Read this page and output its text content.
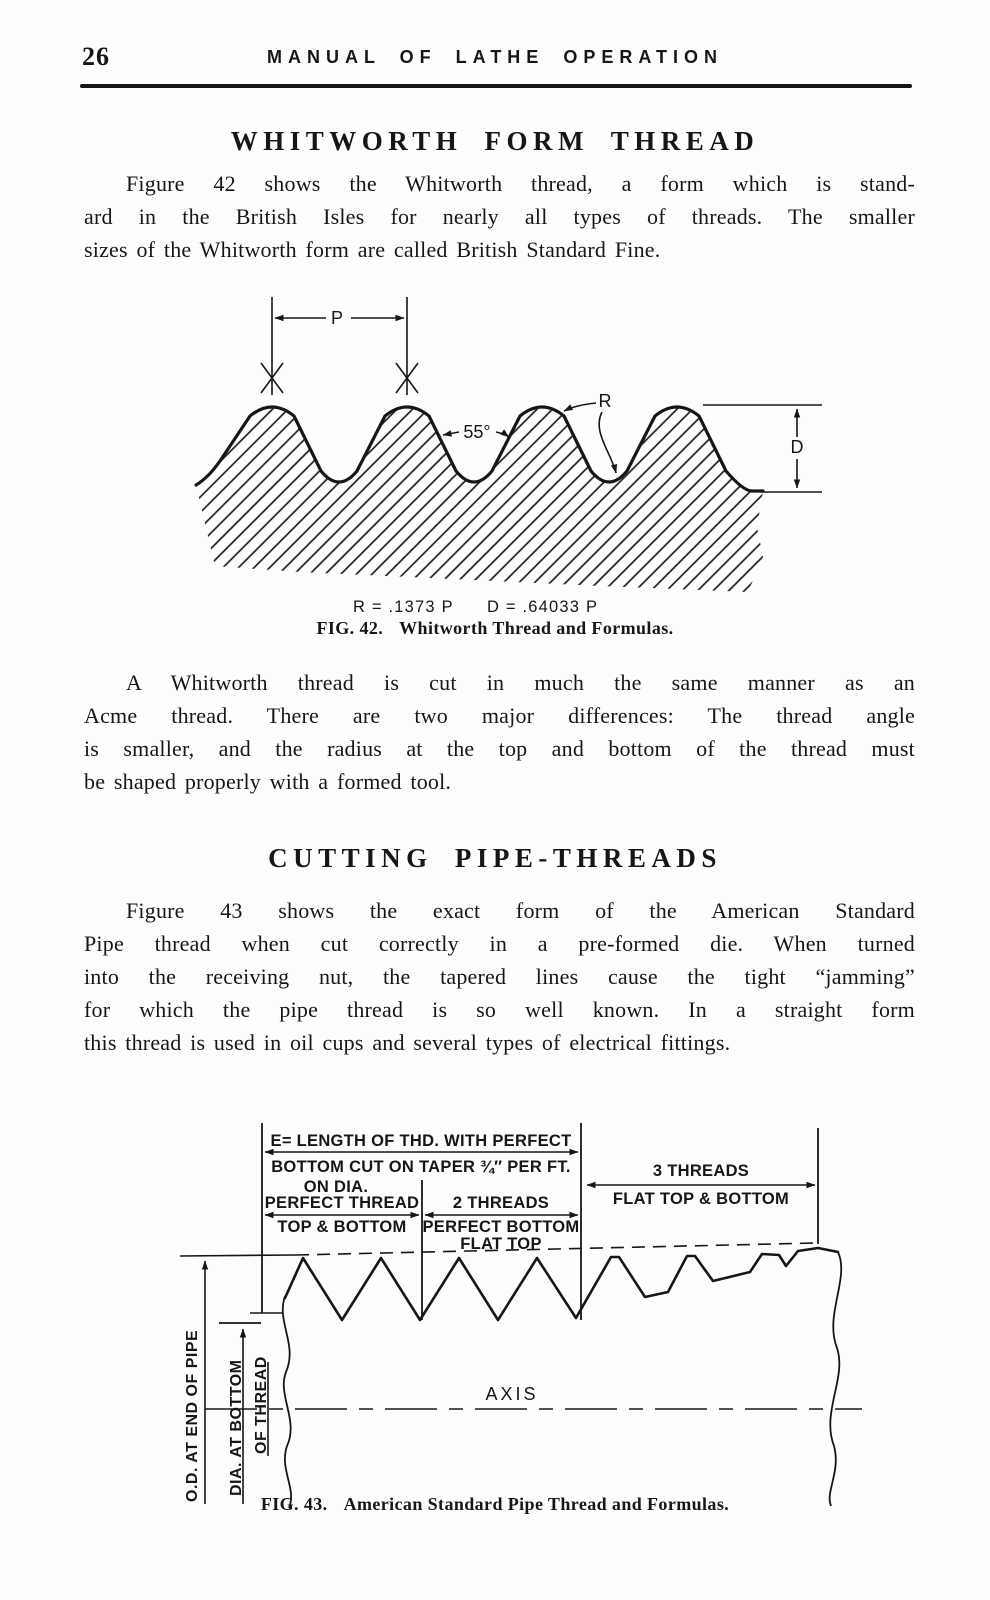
26	MANUAL OF LATHE OPERATION
WHITWORTH FORM THREAD
Figure 42 shows the Whitworth thread, a form which is stand-
ard in the British Isles for nearly all types of threads. The smaller
sizes of the Whitworth form are called British Standard Fine.
P
55°
R
D
R = .1373 P D = .64033 P
FIG. 42. Whitworth Thread and Formulas.
A Whitworth thread is cut in much the same manner as an
Acme thread. There are two major differences: The thread angle
is smaller, and the radius at the top and bottom of the thread must
be shaped properly with a formed tool.
CUTTING PIPE-THREADS
Figure 43 shows the exact form of the American Standard
Pipe thread when cut correctly in a pre-formed die. When turned
into the receiving nut, the tapered lines cause the tight “jamming”
for which the pipe thread is so well known. In a straight form
this thread is used in oil cups and several types of electrical fittings.
AXIS
E= LENGTH OF THD. WITH PERFECT
BOTTOM CUT ON TAPER ¾″ PER FT.
ON DIA.
PERFECT THREAD 2 THREADS
TOP & BOTTOM PERFECT BOTTOM
FLAT TOP
3 THREADS
FLAT TOP & BOTTOM
O.D. AT END OF PIPE DIA. AT BOTTOM OF THREAD
FIG. 43. American Standard Pipe Thread and Formulas.
